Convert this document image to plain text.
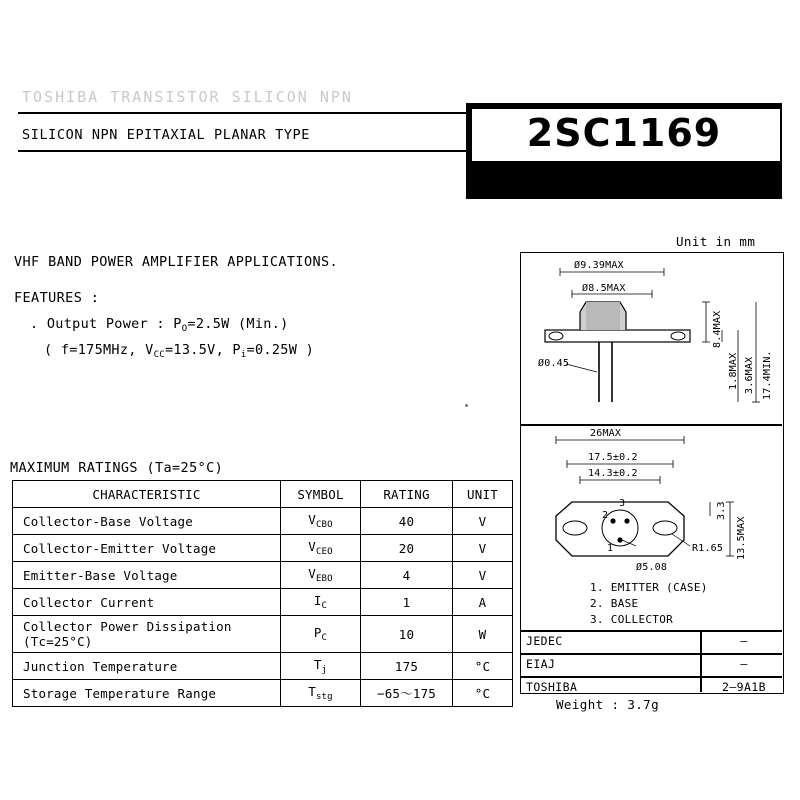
TOSHIBA TRANSISTOR SILICON NPN
SILICON NPN EPITAXIAL PLANAR TYPE	2SC1169
VHF BAND POWER AMPLIFIER APPLICATIONS.
FEATURES :
. Output Power : $P_O=2.5W$ (Min.)
( f=175MHz, $V_{CC}=13.5V$, $P_i=0.25W$ )
MAXIMUM RATINGS (Ta=25°C)
CHARACTERISTIC	SYMBOL	RATING	UNIT
Collector-Base Voltage	$V_{CBO}$	40	V
Collector-Emitter Voltage	$V_{CEO}$	20	V
Emitter-Base Voltage	$V_{EBO}$	4	V
Collector Current	$I_C$	1	A
Collector Power Dissipation
(Tc=25°C)	$P_C$	10	W
Junction Temperature	$T_j$	175	°C
Storage Temperature Range	$T_{stg}$	−65～175	°C
Unit in mm
Ø9.39MAX
Ø8.5MAX
Ø0.45
8.4MAX
1.8MAX 3.6MAX 17.4MIN.
26MAX
17.5±0.2
14.3±0.2
3.3
13.5MAX
R1.65
Ø5.08
1
2
3
1. EMITTER (CASE)
2. BASE
3. COLLECTOR
JEDEC	—
EIAJ	—
TOSHIBA	2–9A1B
Weight : 3.7g
